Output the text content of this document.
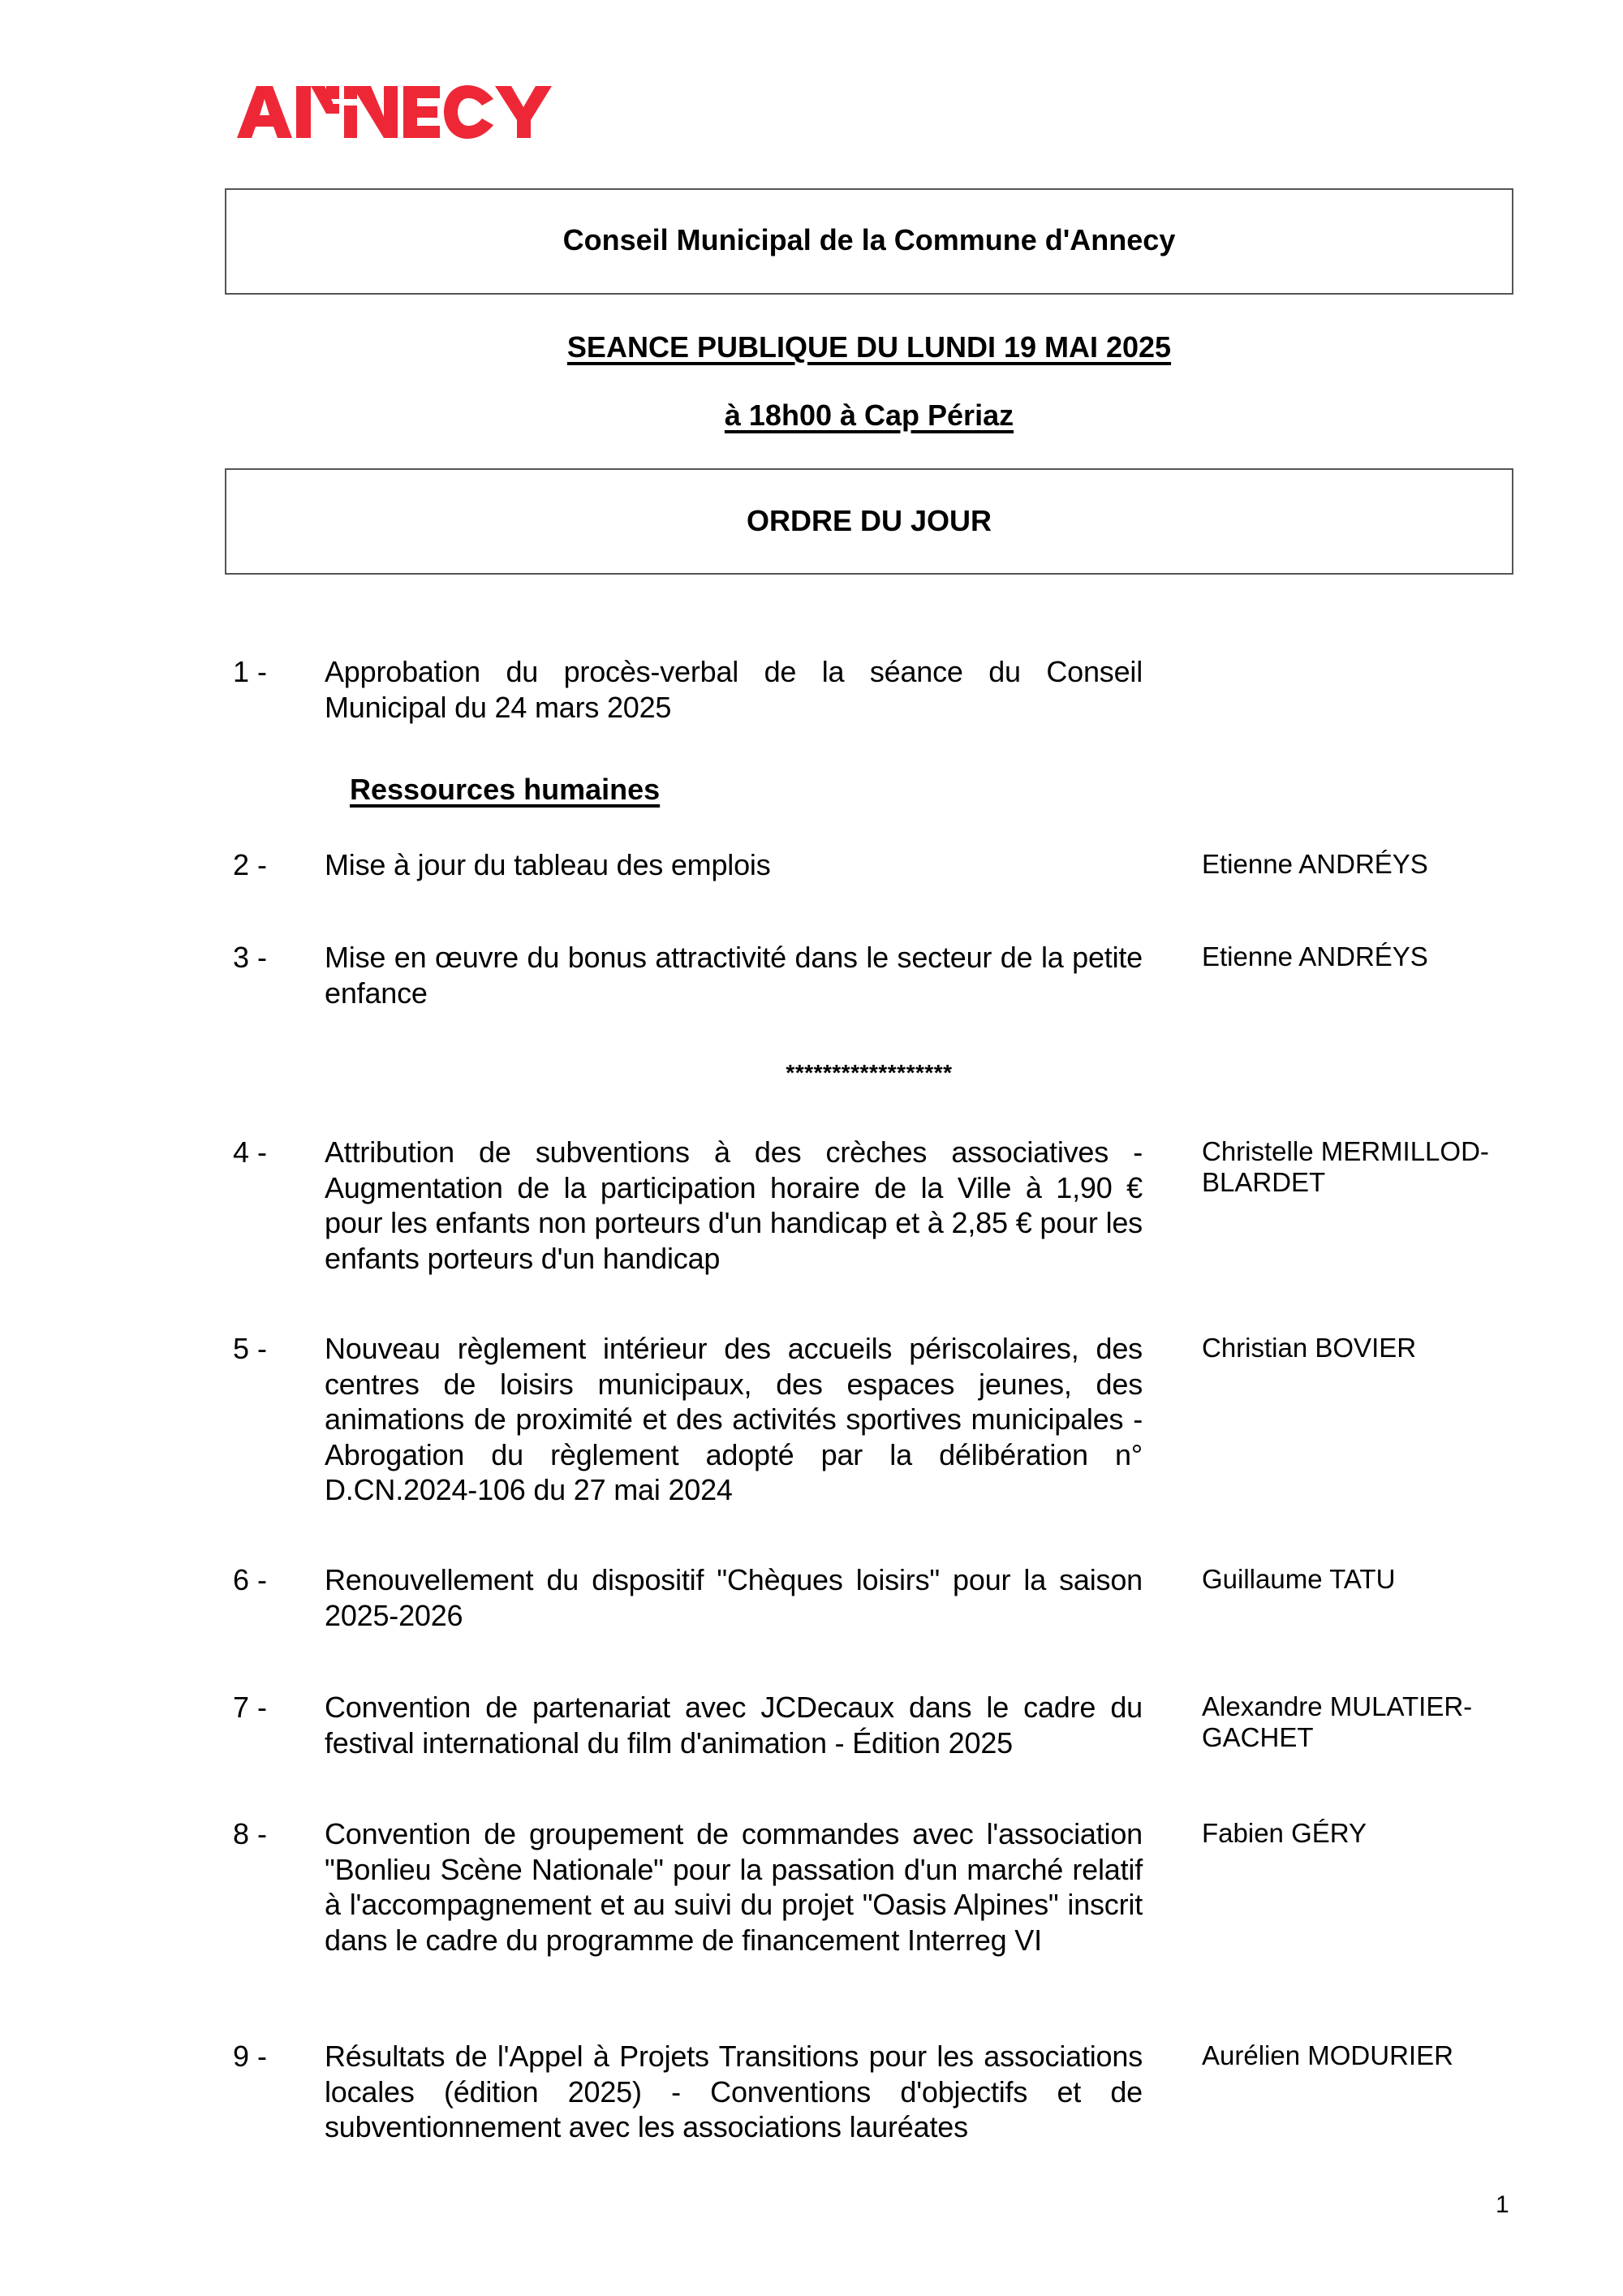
Conseil Municipal de la Commune d'Annecy
SEANCE PUBLIQUE DU LUNDI 19 MAI 2025
à 18h00 à Cap Périaz
ORDRE DU JOUR
1 - Approbation du procès-verbal de la séance du Conseil Municipal du 24 mars 2025
Ressources humaines
2 - Mise à jour du tableau des emplois	Etienne ANDRÉYS
3 - Mise en œuvre du bonus attractivité dans le secteur de la petite enfance
Etienne ANDRÉYS
******************
4 - Attribution de subventions à des crèches associatives - Augmentation de la participation horaire de la Ville à 1,90 € pour les enfants non porteurs d'un handicap et à 2,85 € pour les enfants porteurs d'un handicap
Christelle MERMILLOD-BLARDET
5 - Nouveau règlement intérieur des accueils périscolaires, des centres de loisirs municipaux, des espaces jeunes, des animations de proximité et des activités sportives municipales - Abrogation du règlement adopté par la délibération n° D.CN.2024-106 du 27 mai 2024
Christian BOVIER
6 - Renouvellement du dispositif "Chèques loisirs" pour la saison 2025-2026
Guillaume TATU
7 - Convention de partenariat avec JCDecaux dans le cadre du festival international du film d'animation - Édition 2025
Alexandre MULATIER-GACHET
8 - Convention de groupement de commandes avec l'association "Bonlieu Scène Nationale" pour la passation d'un marché relatif à l'accompagnement et au suivi du projet "Oasis Alpines" inscrit dans le cadre du programme de financement Interreg VI
Fabien GÉRY
9 - Résultats de l'Appel à Projets Transitions pour les associations locales (édition 2025) - Conventions d'objectifs et de subventionnement avec les associations lauréates
Aurélien MODURIER
1
